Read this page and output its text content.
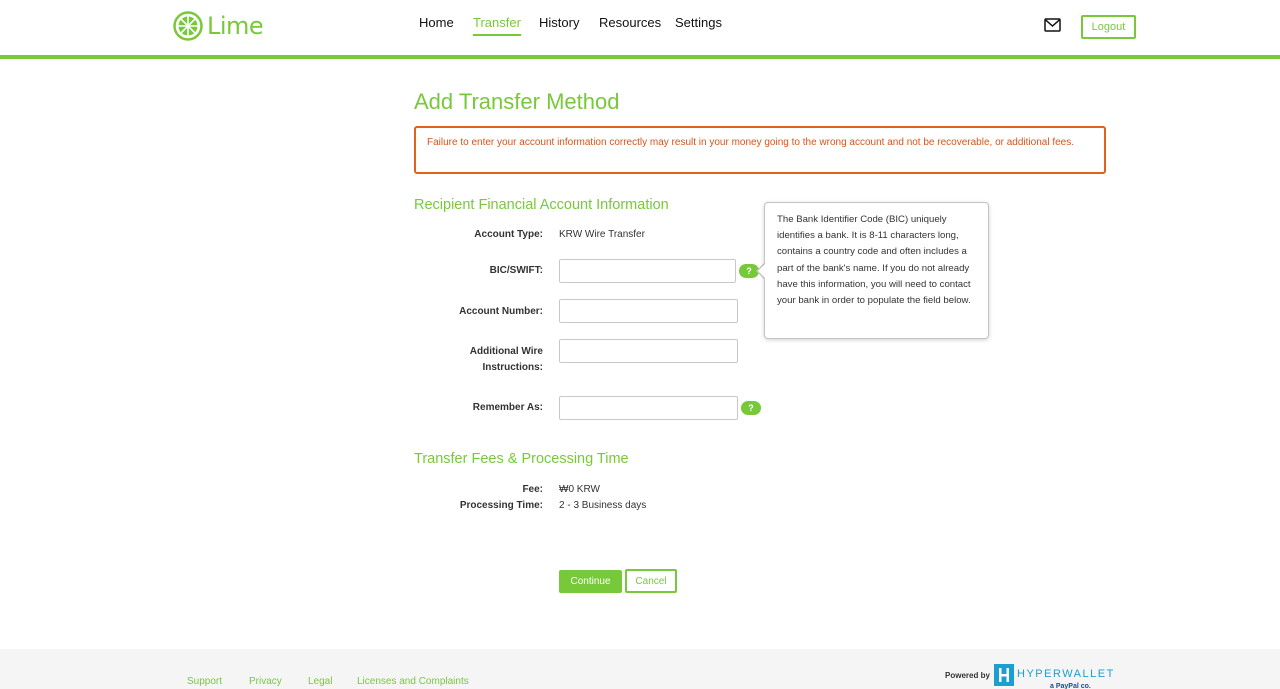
Lime	Home Transfer History Resources Settings	Logout
Add Transfer Method
Failure to enter your account information correctly may result in your money going to the wrong account and not be recoverable, or additional fees.
Recipient Financial Account Information
Account Type: KRW Wire Transfer
BIC/SWIFT:	?
Account Number:
Additional Wire
Instructions:
Remember As:	?
The Bank Identifier Code (BIC) uniquely identifies a bank. It is 8-11 characters long, contains a country code and often includes a part of the bank's name. If you do not already have this information, you will need to contact your bank in order to populate the field below.
Transfer Fees & Processing Time
Fee: ₩0 KRW
Processing Time: 2 - 3 Business days
Continue	Cancel
Support	Privacy	Legal Licenses and Complaints
Powered by HYPERWALLET
a PayPal co.
